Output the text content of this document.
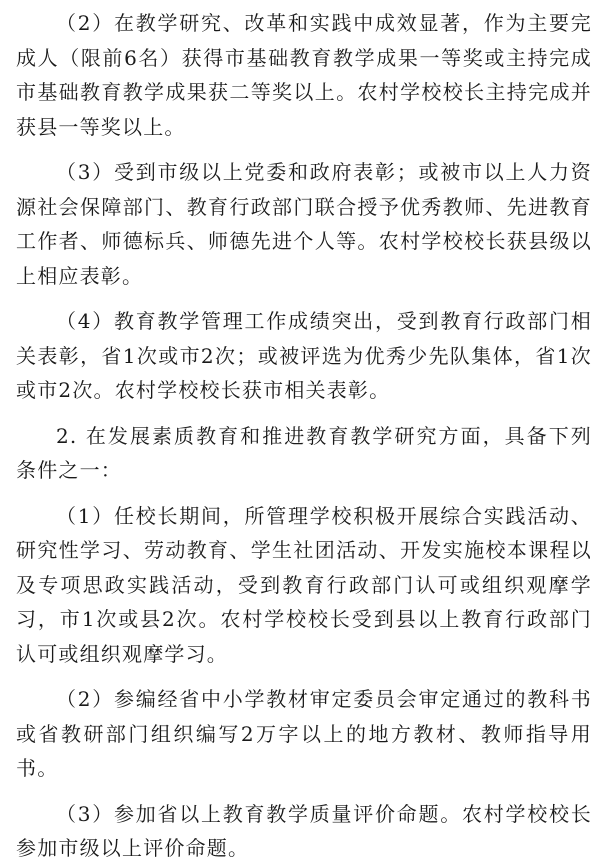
（2）在教学研究、改革和实践中成效显著，作为主要完成人（限前6名）获得市基础教育教学成果一等奖或主持完成市基础教育教学成果获二等奖以上。农村学校校长主持完成并获县一等奖以上。

（3）受到市级以上党委和政府表彰；或被市以上人力资源社会保障部门、教育行政部门联合授予优秀教师、先进教育工作者、师德标兵、师德先进个人等。农村学校校长获县级以上相应表彰。

（4）教育教学管理工作成绩突出，受到教育行政部门相关表彰，省1次或市2次；或被评选为优秀少先队集体，省1次或市2次。农村学校校长获市相关表彰。

2. 在发展素质教育和推进教育教学研究方面，具备下列条件之一：

（1）任校长期间，所管理学校积极开展综合实践活动、研究性学习、劳动教育、学生社团活动、开发实施校本课程以及专项思政实践活动，受到教育行政部门认可或组织观摩学习，市1次或县2次。农村学校校长受到县以上教育行政部门认可或组织观摩学习。

（2）参编经省中小学教材审定委员会审定通过的教科书或省教研部门组织编写2万字以上的地方教材、教师指导用书。

（3）参加省以上教育教学质量评价命题。农村学校校长参加市级以上评价命题。
